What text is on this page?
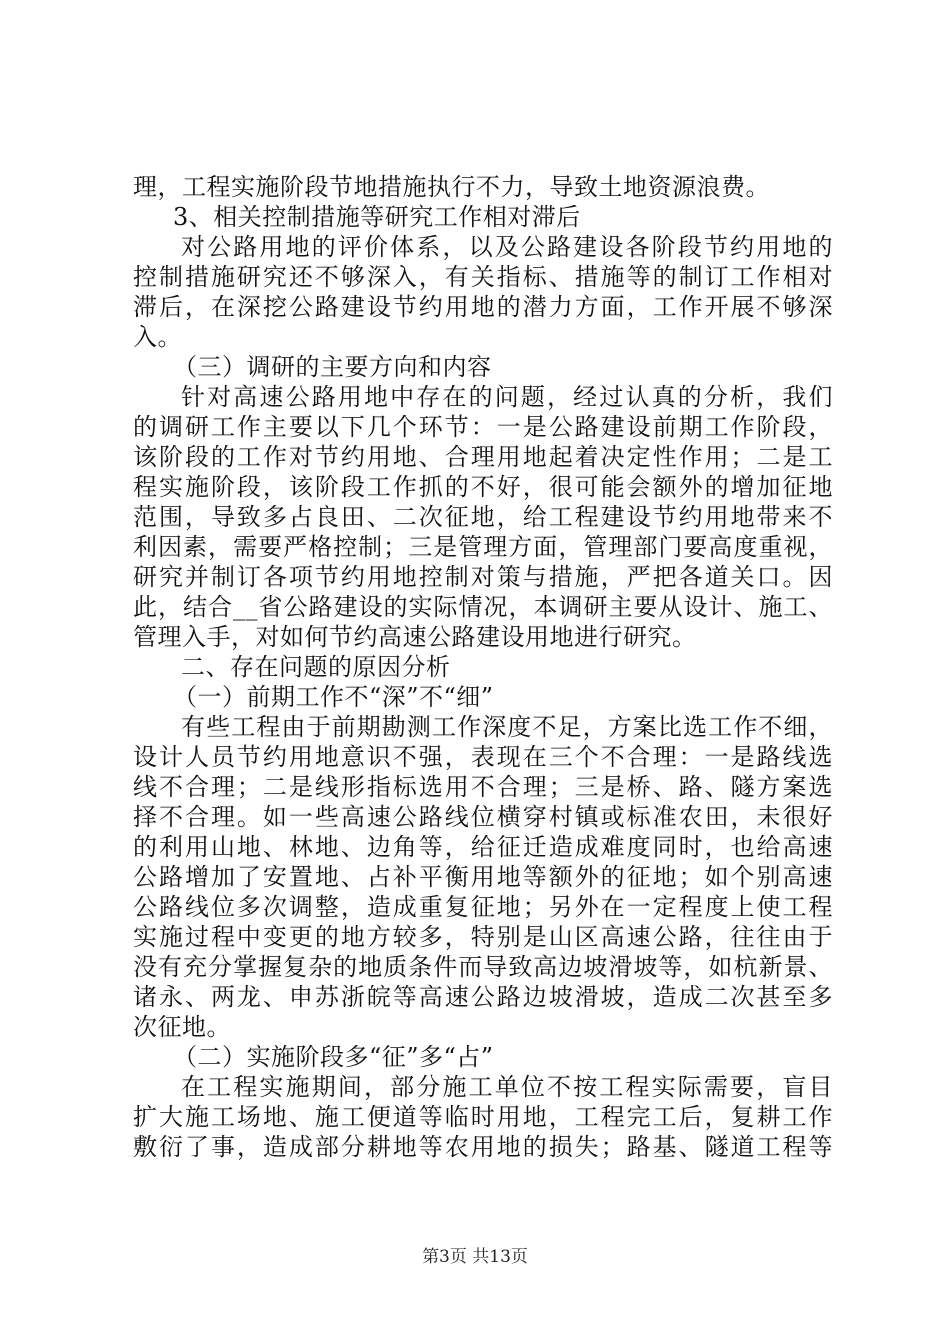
理，工程实施阶段节地措施执行不力，导致土地资源浪费。
3、相关控制措施等研究工作相对滞后
对公路用地的评价体系，以及公路建设各阶段节约用地的
控制措施研究还不够深入，有关指标、措施等的制订工作相对
滞后，在深挖公路建设节约用地的潜力方面，工作开展不够深
入。
（三）调研的主要方向和内容
针对高速公路用地中存在的问题，经过认真的分析，我们
的调研工作主要以下几个环节：一是公路建设前期工作阶段，
该阶段的工作对节约用地、合理用地起着决定性作用；二是工
程实施阶段，该阶段工作抓的不好，很可能会额外的增加征地
范围，导致多占良田、二次征地，给工程建设节约用地带来不
利因素，需要严格控制；三是管理方面，管理部门要高度重视，
研究并制订各项节约用地控制对策与措施，严把各道关口。因
此，结合__省公路建设的实际情况，本调研主要从设计、施工、
管理入手，对如何节约高速公路建设用地进行研究。
二、存在问题的原因分析
（一）前期工作不“深”不“细”
有些工程由于前期勘测工作深度不足，方案比选工作不细，
设计人员节约用地意识不强，表现在三个不合理：一是路线选
线不合理；二是线形指标选用不合理；三是桥、路、隧方案选
择不合理。如一些高速公路线位横穿村镇或标准农田，未很好
的利用山地、林地、边角等，给征迁造成难度同时，也给高速
公路增加了安置地、占补平衡用地等额外的征地；如个别高速
公路线位多次调整，造成重复征地；另外在一定程度上使工程
实施过程中变更的地方较多，特别是山区高速公路，往往由于
没有充分掌握复杂的地质条件而导致高边坡滑坡等，如杭新景、
诸永、两龙、申苏浙皖等高速公路边坡滑坡，造成二次甚至多
次征地。
（二）实施阶段多“征”多“占”
在工程实施期间，部分施工单位不按工程实际需要，盲目
扩大施工场地、施工便道等临时用地，工程完工后，复耕工作
敷衍了事，造成部分耕地等农用地的损失；路基、隧道工程等
第3页 共13页
